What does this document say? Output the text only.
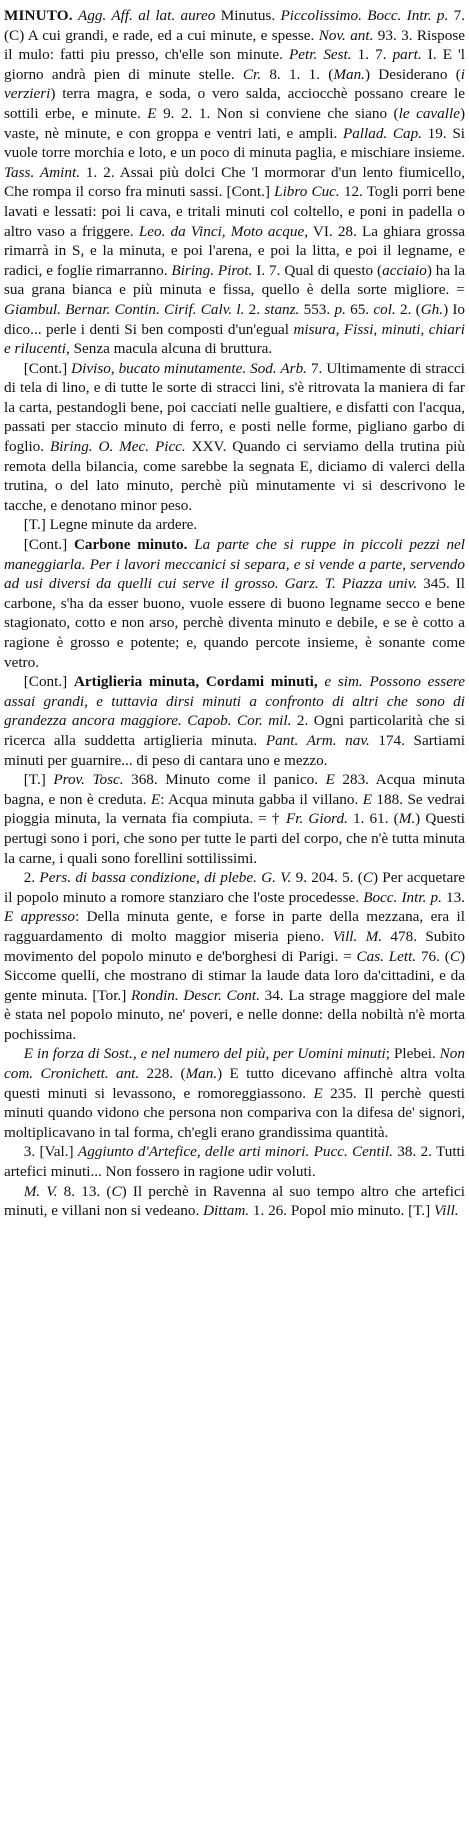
MINUTO. Agg. Aff. al lat. aureo Minutus. Piccolissimo. Bocc. Intr. p. 7. (C) A cui grandi, e rade, ed a cui minute, e spesse. Nov. ant. 93. 3. Rispose il mulo: fatti piu presso, ch'elle son minute. Petr. Sest. 1. 7. part. I. E 'l giorno andrà pien di minute stelle. Cr. 8. 1. 1. (Man.) Desiderano (i verzieri) terra magra, e soda, o vero salda, acciocchè possano creare le sottili erbe, e minute. E 9. 2. 1. Non si conviene che siano (le cavalle) vaste, nè minute, e con groppa e ventri lati, e ampli. Pallad. Cap. 19. Si vuole torre morchia e loto, e un poco di minuta paglia, e mischiare insieme. Tass. Amint. 1. 2. Assai più dolci Che 'l mormorar d'un lento fiumicello, Che rompa il corso fra minuti sassi. [Cont.] Libro Cuc. 12. Togli porri bene lavati e lessati: poi li cava, e tritali minuti col coltello, e poni in padella o altro vaso a friggere. Leo. da Vinci, Moto acque, VI. 28. La ghiara grossa rimarrà in S, e la minuta, e poi l'arena, e poi la litta, e poi il legname, e radici, e foglie rimarranno. Biring. Pirot. I. 7. Qual di questo (acciaio) ha la sua grana bianca e più minuta e fissa, quello è della sorte migliore. = Giambul. Bernar. Contin. Cirif. Calv. l. 2. stanz. 553. p. 65. col. 2. (Gh.) Io dico... perle i denti Si ben composti d'un'egual misura, Fissi, minuti, chiari e rilucenti, Senza macula alcuna di bruttura.
[Cont.] Diviso, bucato minutamente. Sod. Arb. 7. Ultimamente di stracci di tela di lino, e di tutte le sorte di stracci lini, s'è ritrovata la maniera di far la carta, pestandogli bene, poi cacciati nelle gualtiere, e disfatti con l'acqua, passati per staccio minuto di ferro, e posti nelle forme, pigliano garbo di foglio. Biring. O. Mec. Picc. XXV. Quando ci serviamo della trutina più remota della bilancia, come sarebbe la segnata E, diciamo di valerci della trutina, o del lato minuto, perchè più minutamente vi si descrivono le tacche, e denotano minor peso.
[T.] Legne minute da ardere.
[Cont.] Carbone minuto. La parte che si ruppe in piccoli pezzi nel maneggiarla. Per i lavori meccanici si separa, e si vende a parte, servendo ad usi diversi da quelli cui serve il grosso. Garz. T. Piazza univ. 345. Il carbone, s'ha da esser buono, vuole essere di buono legname secco e bene stagionato, cotto e non arso, perchè diventa minuto e debile, e se è cotto a ragione è grosso e potente; e, quando percote insieme, è sonante come vetro.
[Cont.] Artiglieria minuta, Cordami minuti, e sim. Possono essere assai grandi, e tuttavia dirsi minuti a confronto di altri che sono di grandezza ancora maggiore. Capob. Cor. mil. 2. Ogni particolarità che si ricerca alla suddetta artiglieria minuta. Pant. Arm. nav. 174. Sartiami minuti per guarnire... di peso di cantara uno e mezzo.
[T.] Prov. Tosc. 368. Minuto come il panico. E 283. Acqua minuta bagna, e non è creduta. E: Acqua minuta gabba il villano. E 188. Se vedrai pioggia minuta, la vernata fia compiuta. = † Fr. Giord. 1. 61. (M.) Questi pertugi sono i pori, che sono per tutte le parti del corpo, che n'è tutta minuta la carne, i quali sono forellini sottilissimi.
2. Pers. di bassa condizione, di plebe. G. V. 9. 204. 5. (C) Per acquetare il popolo minuto a romore stanziaro che l'oste procedesse. Bocc. Intr. p. 13. E appresso: Della minuta gente, e forse in parte della mezzana, era il ragguardamento di molto maggior miseria pieno. Vill. M. 478. Subito movimento del popolo minuto e de'borghesi di Parigi. = Cas. Lett. 76. (C) Siccome quelli, che mostrano di stimar la laude data loro da'cittadini, e da gente minuta. [Tor.] Rondin. Descr. Cont. 34. La strage maggiore del male è stata nel popolo minuto, ne' poveri, e nelle donne: della nobiltà n'è morta pochissima.
E in forza di Sost., e nel numero del più, per Uomini minuti; Plebei. Non com. Cronichett. ant. 228. (Man.) E tutto dicevano affinchè altra volta questi minuti si levassono, e romoreggiassono. E 235. Il perchè questi minuti quando vidono che persona non compariva con la difesa de' signori, moltiplicavano in tal forma, ch'egli erano grandissima quantità.
3. [Val.] Aggiunto d'Artefice, delle arti minori. Pucc. Centil. 38. 2. Tutti artefici minuti... Non fossero in ragione udir voluti.
M. V. 8. 13. (C) Il perchè in Ravenna al suo tempo altro che artefici minuti, e villani non si vedeano. Dittam. 1. 26. Popol mio minuto. [T.] Vill.
